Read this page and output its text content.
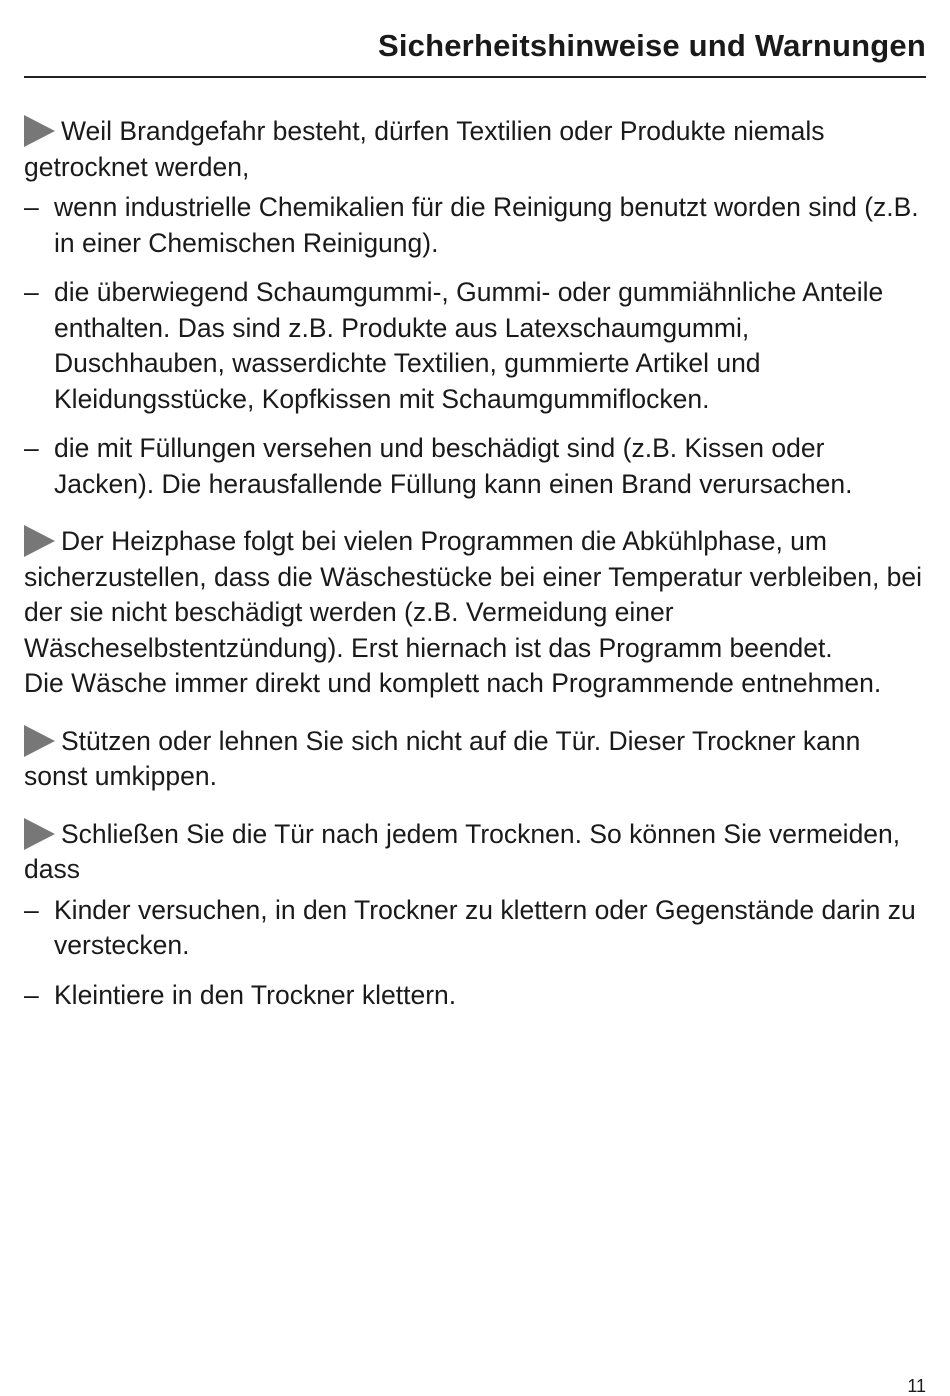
Sicherheitshinweise und Warnungen

Weil Brandgefahr besteht, dürfen Textilien oder Produkte niemals getrocknet werden,

– wenn industrielle Chemikalien für die Reinigung benutzt worden sind (z.B. in einer Chemischen Reinigung).
– die überwiegend Schaumgummi-, Gummi- oder gummiähnliche Anteile enthalten. Das sind z.B. Produkte aus Latexschaumgummi, Duschhauben, wasserdichte Textilien, gummierte Artikel und Kleidungsstücke, Kopfkissen mit Schaumgummiflocken.
– die mit Füllungen versehen und beschädigt sind (z.B. Kissen oder Jacken). Die herausfallende Füllung kann einen Brand verursachen.

Der Heizphase folgt bei vielen Programmen die Abkühlphase, um sicherzustellen, dass die Wäschestücke bei einer Temperatur verbleiben, bei der sie nicht beschädigt werden (z.B. Vermeidung einer Wäscheselbstentzündung). Erst hiernach ist das Programm beendet.

Die Wäsche immer direkt und komplett nach Programmende entnehmen.

Stützen oder lehnen Sie sich nicht auf die Tür. Dieser Trockner kann sonst umkippen.

Schließen Sie die Tür nach jedem Trocknen. So können Sie vermeiden, dass

– Kinder versuchen, in den Trockner zu klettern oder Gegenstände darin zu verstecken.
– Kleintiere in den Trockner klettern.
11
